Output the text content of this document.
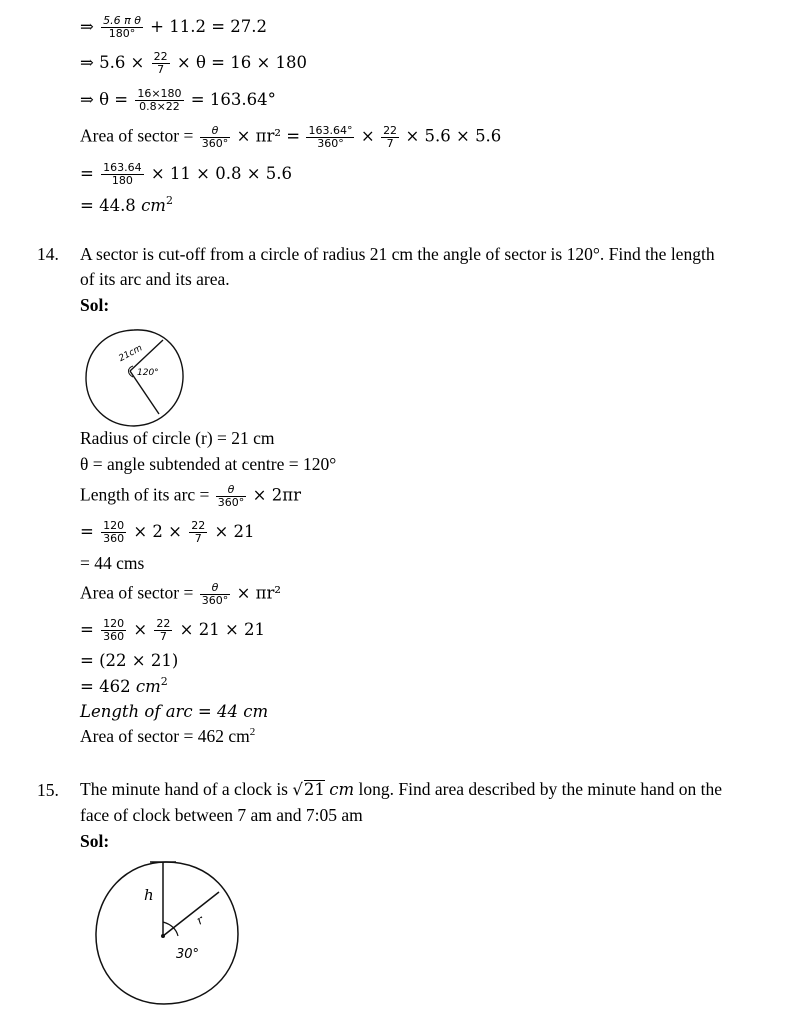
⇒ $\frac{\text{5.6 π θ}}{180^\circ} + 11.2 = 27.2$
⇒ $5.6 \times \frac{22}{7} \times \theta = 16 \times 180$
⇒ $\theta = \frac{16\times 180}{0.8\times 22} = 163.64^\circ$
Area of sector = $\frac{\theta}{360^\circ} \times \pi r^2 = \frac{163.64^\circ}{360^\circ} \times \frac{22}{7} \times 5.6 \times 5.6$
= $\frac{163.64}{180} \times 11 \times 0.8 \times 5.6$
= 44.8 $cm^2$
14. A sector is cut-off from a circle of radius 21 cm the angle of sector is 120°. Find the length
of its arc and its area.
Sol:
21cm
120°
Radius of circle (r) = 21 cm
θ = angle subtended at centre = 120°
Length of its arc = $\frac{\theta}{360^\circ} \times 2\pi r$
= $\frac{120}{360} \times 2 \times \frac{22}{7} \times 21$
= 44 cms
Area of sector = $\frac{\theta}{360^\circ} \times \pi r^2$
= $\frac{120}{360} \times \frac{22}{7} \times 21 \times 21$
= (22 × 21)
= 462 $cm^2$
Length of arc = 44 cm
Area of sector = 462 $cm^2$
15. The minute hand of a clock is √21 cm long. Find area described by the minute hand on the
face of clock between 7 am and 7:05 am
Sol:
h
r
30°
